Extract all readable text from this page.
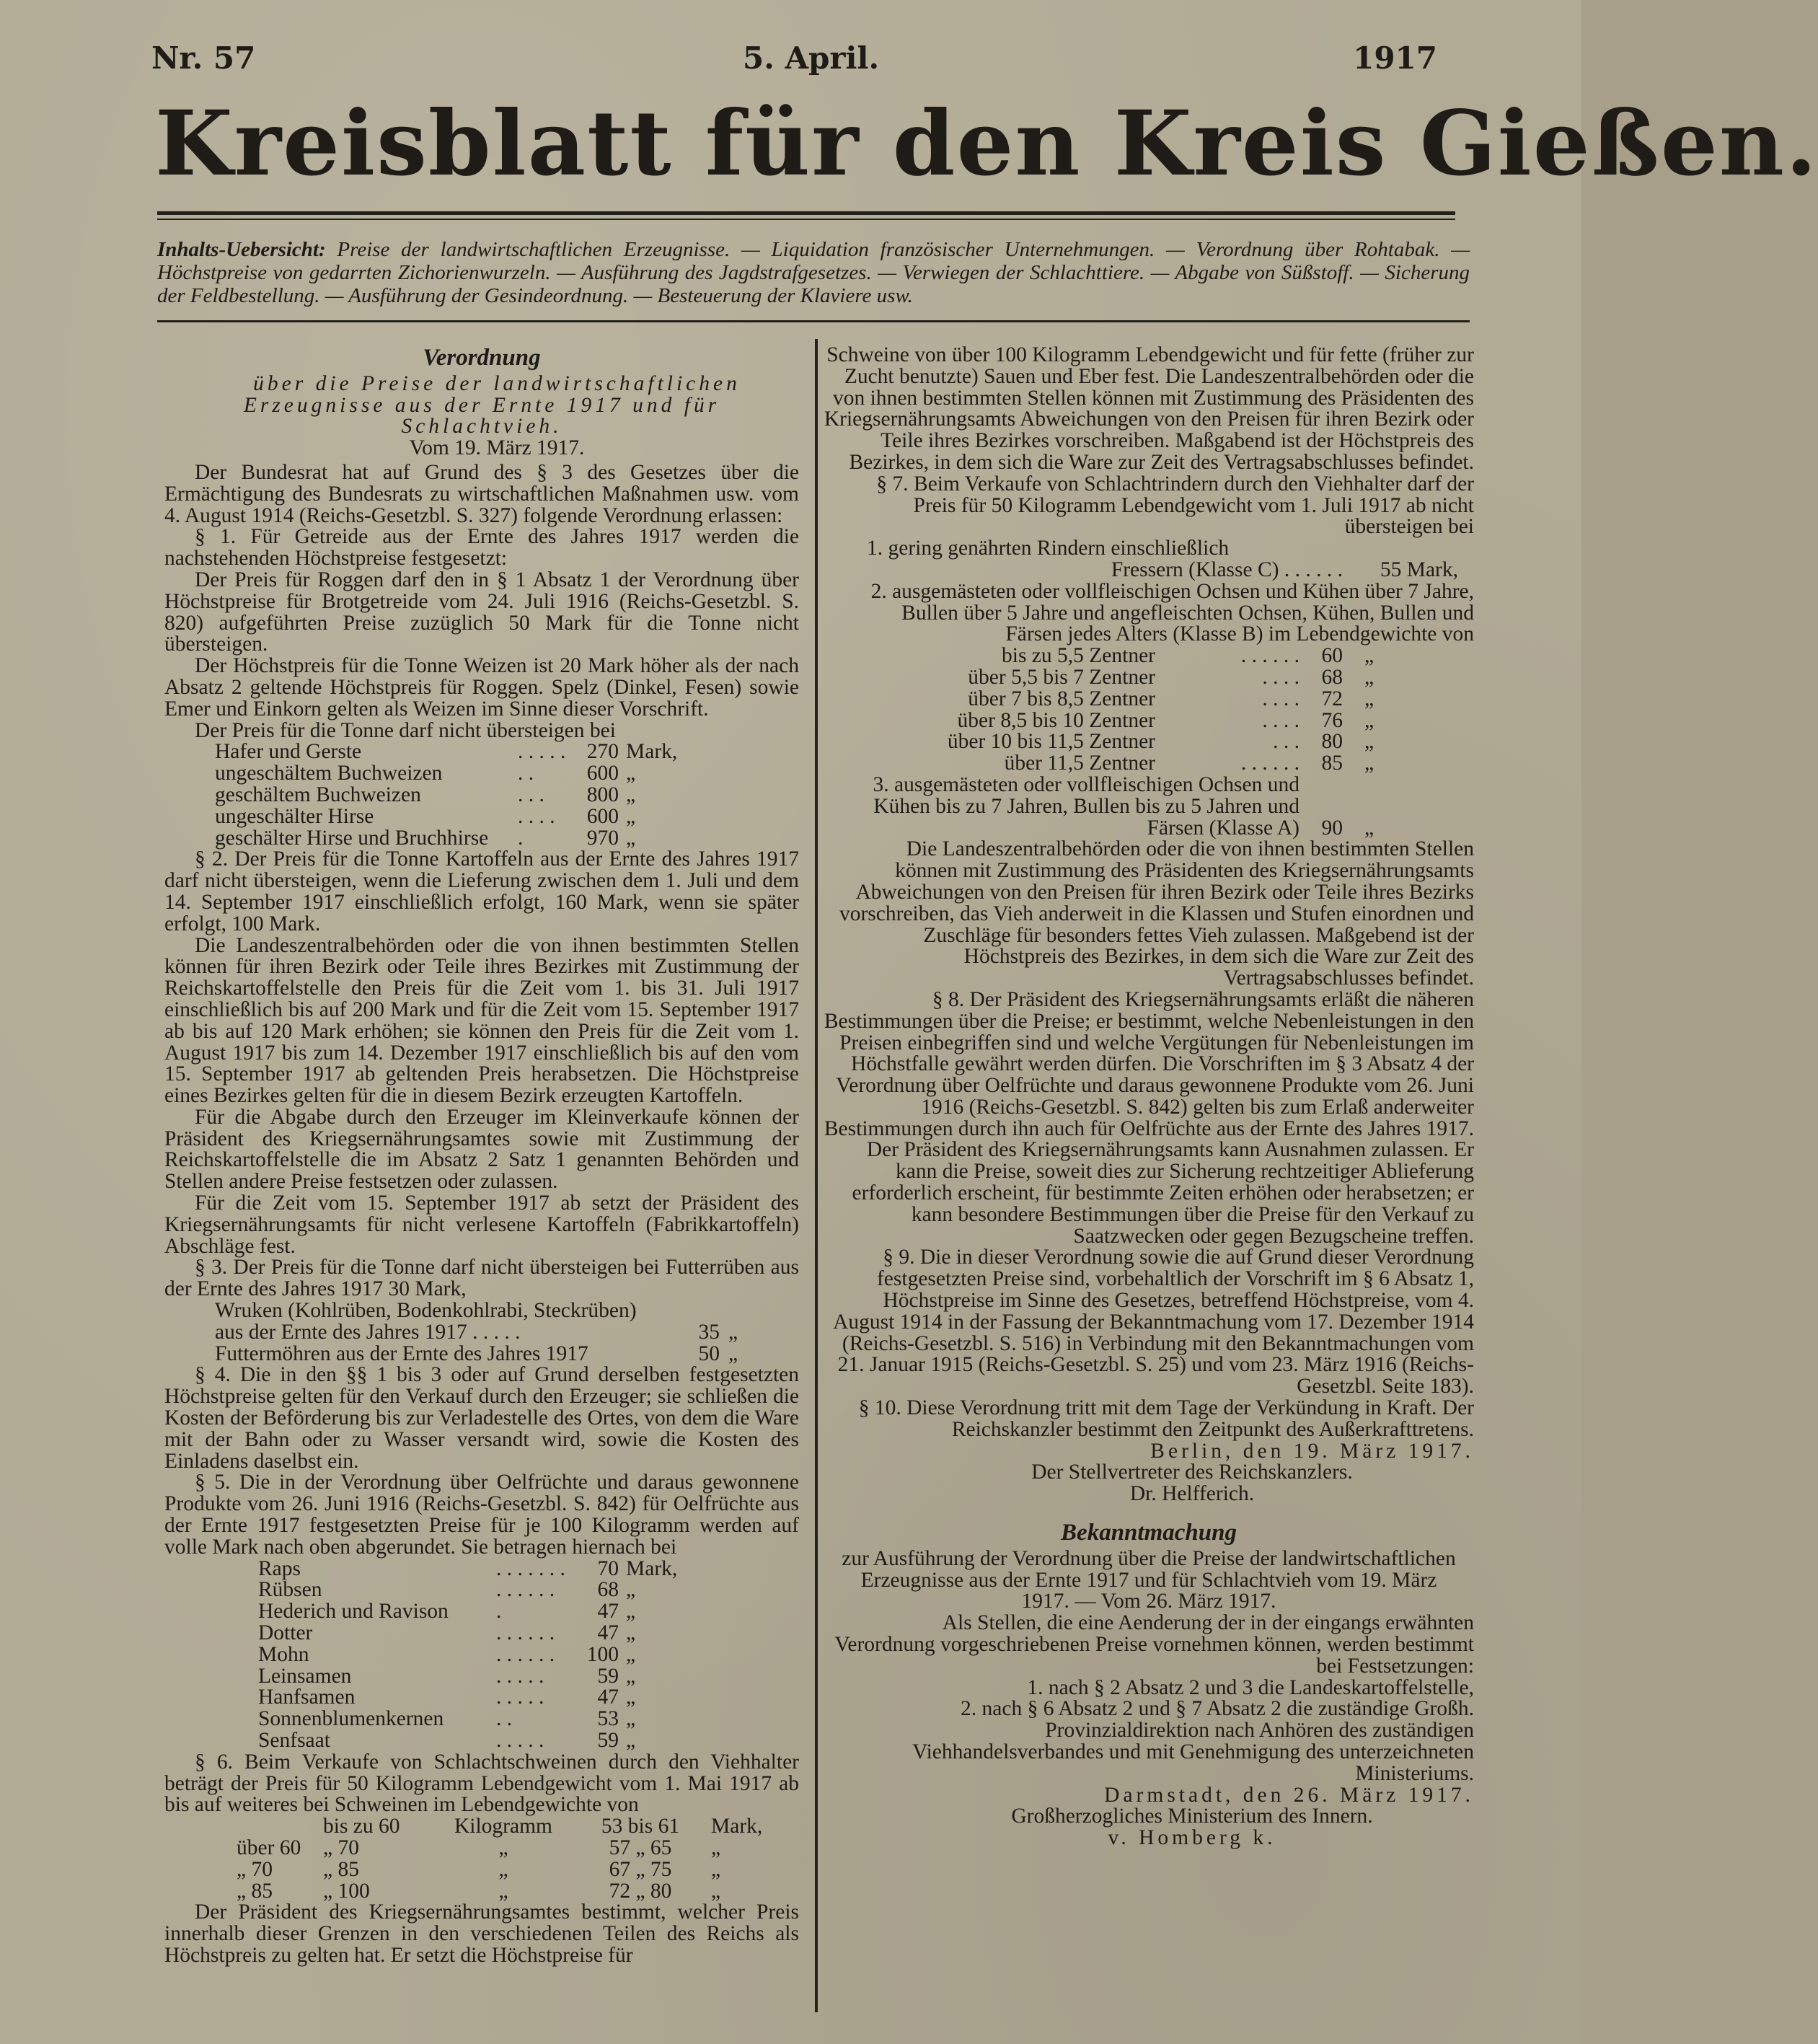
Nr. 57	5. April.	1917
Kreisblatt für den Kreis Gießen.
Inhalts-Uebersicht: Preise der landwirtschaftlichen Erzeugnisse. — Liquidation französischer Unternehmungen. — Verordnung über Rohtabak. — Höchstpreise von gedarrten Zichorienwurzeln. — Ausführung des Jagdstrafgesetzes. — Verwiegen der Schlachttiere. — Abgabe von Süßstoff. — Sicherung der Feldbestellung. — Ausführung der Gesindeordnung. — Besteuerung der Klaviere usw.
Verordnung

über die Preise der landwirtschaftlichen Erzeugnisse aus der Ernte 1917 und für Schlachtvieh.

Vom 19. März 1917.

Der Bundesrat hat auf Grund des § 3 des Gesetzes über die Ermächtigung des Bundesrats zu wirtschaftlichen Maßnahmen usw. vom 4. August 1914 (Reichs-Gesetzbl. S. 327) folgende Verordnung erlassen:

§ 1. Für Getreide aus der Ernte des Jahres 1917 werden die nachstehenden Höchstpreise festgesetzt:

Der Preis für Roggen darf den in § 1 Absatz 1 der Verordnung über Höchstpreise für Brotgetreide vom 24. Juli 1916 (Reichs-Gesetzbl. S. 820) aufgeführten Preise zuzüglich 50 Mark für die Tonne nicht übersteigen.

Der Höchstpreis für die Tonne Weizen ist 20 Mark höher als der nach Absatz 2 geltende Höchstpreis für Roggen. Spelz (Dinkel, Fesen) sowie Emer und Einkorn gelten als Weizen im Sinne dieser Vorschrift.

Der Preis für die Tonne darf nicht übersteigen bei

Hafer und Gerste	. . . . . 270 Mark,
ungeschältem Buchweizen	. .	600 „
geschältem Buchweizen	. . .	800 „
ungeschälter Hirse	. . . .	600 „
geschälter Hirse und Bruchhirse	.	970 „

§ 2. Der Preis für die Tonne Kartoffeln aus der Ernte des Jahres 1917 darf nicht übersteigen, wenn die Lieferung zwischen dem 1. Juli und dem 14. September 1917 einschließlich erfolgt, 160 Mark, wenn sie später erfolgt, 100 Mark.

Die Landeszentralbehörden oder die von ihnen bestimmten Stellen können für ihren Bezirk oder Teile ihres Bezirkes mit Zustimmung der Reichskartoffelstelle den Preis für die Zeit vom 1. bis 31. Juli 1917 einschließlich bis auf 200 Mark und für die Zeit vom 15. September 1917 ab bis auf 120 Mark erhöhen; sie können den Preis für die Zeit vom 1. August 1917 bis zum 14. Dezember 1917 einschließlich bis auf den vom 15. September 1917 ab geltenden Preis herabsetzen. Die Höchstpreise eines Bezirkes gelten für die in diesem Bezirk erzeugten Kartoffeln.

Für die Abgabe durch den Erzeuger im Kleinverkaufe können der Präsident des Kriegsernährungsamtes sowie mit Zustimmung der Reichskartoffelstelle die im Absatz 2 Satz 1 genannten Behörden und Stellen andere Preise festsetzen oder zulassen.

Für die Zeit vom 15. September 1917 ab setzt der Präsident des Kriegsernährungsamts für nicht verlesene Kartoffeln (Fabrikkartoffeln) Abschläge fest.

§ 3. Der Preis für die Tonne darf nicht übersteigen bei Futterrüben aus der Ernte des Jahres 1917 30 Mark,

Wruken (Kohlrüben, Bodenkohlrabi, Steckrüben)
aus der Ernte des Jahres 1917 . . . . .	35 „
Futtermöhren aus der Ernte des Jahres 1917	50 „

§ 4. Die in den §§ 1 bis 3 oder auf Grund derselben festgesetzten Höchstpreise gelten für den Verkauf durch den Erzeuger; sie schließen die Kosten der Beförderung bis zur Verladestelle des Ortes, von dem die Ware mit der Bahn oder zu Wasser versandt wird, sowie die Kosten des Einladens daselbst ein.

§ 5. Die in der Verordnung über Oelfrüchte und daraus gewonnene Produkte vom 26. Juni 1916 (Reichs-Gesetzbl. S. 842) für Oelfrüchte aus der Ernte 1917 festgesetzten Preise für je 100 Kilogramm werden auf volle Mark nach oben abgerundet. Sie betragen hiernach bei

Raps	. . . . . . .	70 Mark,
Rübsen	. . . . . .	68 „
Hederich und Ravison	.	47 „
Dotter	. . . . . .	47 „
Mohn	. . . . . .	100 „
Leinsamen	. . . . .	59 „
Hanfsamen	. . . . .	47 „
Sonnenblumenkernen	. .	53 „
Senfsaat	. . . . .	59 „

§ 6. Beim Verkaufe von Schlachtschweinen durch den Viehhalter beträgt der Preis für 50 Kilogramm Lebendgewicht vom 1. Mai 1917 ab bis auf weiteres bei Schweinen im Lebendgewichte von

bis zu 60	Kilogramm	53 bis 61	Mark,
über 60	„ 70	„	57 „ 65	„
„ 70	„ 85	„	67 „ 75	„
„ 85	„ 100	„	72 „ 80	„

Der Präsident des Kriegsernährungsamtes bestimmt, welcher Preis innerhalb dieser Grenzen in den verschiedenen Teilen des Reichs als Höchstpreis zu gelten hat. Er setzt die Höchstpreise für

Schweine von über 100 Kilogramm Lebendgewicht und für fette (früher zur Zucht benutzte) Sauen und Eber fest. Die Landeszentralbehörden oder die von ihnen bestimmten Stellen können mit Zustimmung des Präsidenten des Kriegsernährungsamts Abweichungen von den Preisen für ihren Bezirk oder Teile ihres Bezirkes vorschreiben. Maßgabend ist der Höchstpreis des Bezirkes, in dem sich die Ware zur Zeit des Vertragsabschlusses befindet.

§ 7. Beim Verkaufe von Schlachtrindern durch den Viehhalter darf der Preis für 50 Kilogramm Lebendgewicht vom 1. Juli 1917 ab nicht übersteigen bei

1. gering genährten Rindern einschließlich
Fressern (Klasse C) . . . . . .	55 Mark,

2. ausgemästeten oder vollfleischigen Ochsen und Kühen über 7 Jahre, Bullen über 5 Jahre und angefleischten Ochsen, Kühen, Bullen und Färsen jedes Alters (Klasse B) im Lebendgewichte von

bis zu 5,5 Zentner	. . . . . .	60	„
über 5,5 bis 7 Zentner	. . . .	68	„
über 7 bis 8,5 Zentner	. . . .	72	„
über 8,5 bis 10 Zentner	. . . .	76	„
über 10 bis 11,5 Zentner	. . .	80	„
über 11,5 Zentner	. . . . . .	85	„
3. ausgemästeten oder vollfleischigen Ochsen und Kühen bis zu 7 Jahren, Bullen bis zu 5 Jahren und Färsen (Klasse A)	90	„

Die Landeszentralbehörden oder die von ihnen bestimmten Stellen können mit Zustimmung des Präsidenten des Kriegsernährungsamts Abweichungen von den Preisen für ihren Bezirk oder Teile ihres Bezirks vorschreiben, das Vieh anderweit in die Klassen und Stufen einordnen und Zuschläge für besonders fettes Vieh zulassen. Maßgebend ist der Höchstpreis des Bezirkes, in dem sich die Ware zur Zeit des Vertragsabschlusses befindet.

§ 8. Der Präsident des Kriegsernährungsamts erläßt die näheren Bestimmungen über die Preise; er bestimmt, welche Nebenleistungen in den Preisen einbegriffen sind und welche Vergütungen für Nebenleistungen im Höchstfalle gewährt werden dürfen. Die Vorschriften im § 3 Absatz 4 der Verordnung über Oelfrüchte und daraus gewonnene Produkte vom 26. Juni 1916 (Reichs-Gesetzbl. S. 842) gelten bis zum Erlaß anderweiter Bestimmungen durch ihn auch für Oelfrüchte aus der Ernte des Jahres 1917.

Der Präsident des Kriegsernährungsamts kann Ausnahmen zulassen. Er kann die Preise, soweit dies zur Sicherung rechtzeitiger Ablieferung erforderlich erscheint, für bestimmte Zeiten erhöhen oder herabsetzen; er kann besondere Bestimmungen über die Preise für den Verkauf zu Saatzwecken oder gegen Bezugscheine treffen.

§ 9. Die in dieser Verordnung sowie die auf Grund dieser Verordnung festgesetzten Preise sind, vorbehaltlich der Vorschrift im § 6 Absatz 1, Höchstpreise im Sinne des Gesetzes, betreffend Höchstpreise, vom 4. August 1914 in der Fassung der Bekanntmachung vom 17. Dezember 1914 (Reichs-Gesetzbl. S. 516) in Verbindung mit den Bekanntmachungen vom 21. Januar 1915 (Reichs-Gesetzbl. S. 25) und vom 23. März 1916 (Reichs-Gesetzbl. Seite 183).

§ 10. Diese Verordnung tritt mit dem Tage der Verkündung in Kraft. Der Reichskanzler bestimmt den Zeitpunkt des Außerkrafttretens.

Berlin, den 19. März 1917.

Der Stellvertreter des Reichskanzlers.

Dr. Helfferich.

Bekanntmachung

zur Ausführung der Verordnung über die Preise der landwirtschaftlichen Erzeugnisse aus der Ernte 1917 und für Schlachtvieh vom 19. März 1917. — Vom 26. März 1917.

Als Stellen, die eine Aenderung der in der eingangs erwähnten Verordnung vorgeschriebenen Preise vornehmen können, werden bestimmt bei Festsetzungen:

1. nach § 2 Absatz 2 und 3 die Landeskartoffelstelle,

2. nach § 6 Absatz 2 und § 7 Absatz 2 die zuständige Großh. Provinzialdirektion nach Anhören des zuständigen Viehhandelsverbandes und mit Genehmigung des unterzeichneten Ministeriums.

Darmstadt, den 26. März 1917.

Großherzogliches Ministerium des Innern.

v. Homberg k.
